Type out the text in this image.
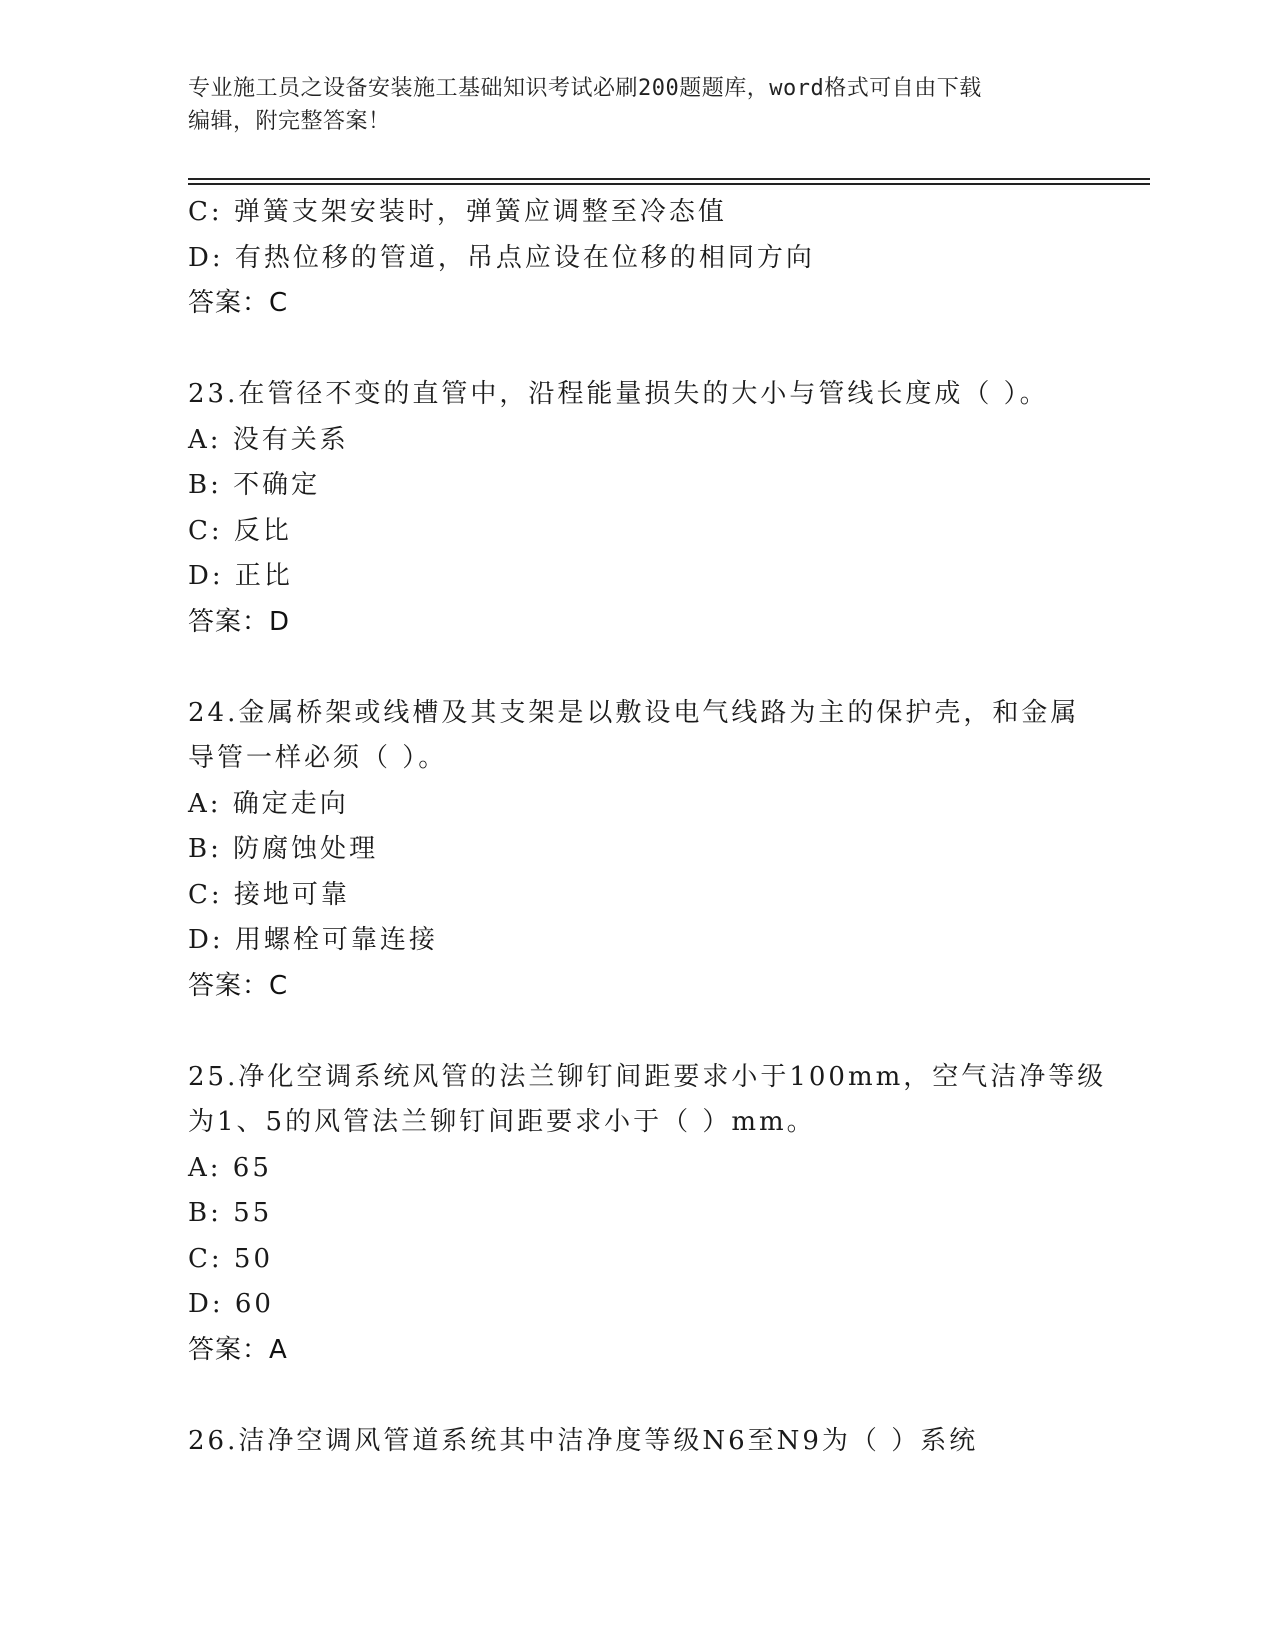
专业施工员之设备安装施工基础知识考试必刷200题题库，word格式可自由下载
编辑，附完整答案！
C: 弹簧支架安装时，弹簧应调整至冷态值
D: 有热位移的管道，吊点应设在位移的相同方向
答案：C
23.在管径不变的直管中，沿程能量损失的大小与管线长度成（ ）。
A: 没有关系
B: 不确定
C: 反比
D: 正比
答案：D
24.金属桥架或线槽及其支架是以敷设电气线路为主的保护壳，和金属
导管一样必须（ ）。
A: 确定走向
B: 防腐蚀处理
C: 接地可靠
D: 用螺栓可靠连接
答案：C
25.净化空调系统风管的法兰铆钉间距要求小于100mm，空气洁净等级
为1、5的风管法兰铆钉间距要求小于（ ）mm。
A: 65
B: 55
C: 50
D: 60
答案：A
26.洁净空调风管道系统其中洁净度等级N6至N9为（ ）系统
